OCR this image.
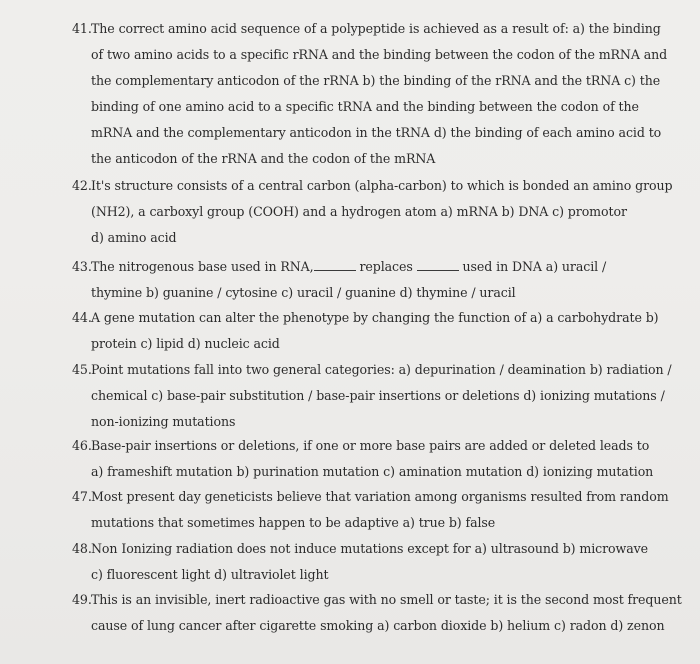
41.The correct amino acid sequence of a polypeptide is achieved as a result of: a) the binding
of two amino acids to a specific rRNA and the binding between the codon of the mRNA and
the complementary anticodon of the rRNA b) the binding of the rRNA and the tRNA c) the
binding of one amino acid to a specific tRNA and the binding between the codon of the
mRNA and the complementary anticodon in the tRNA d) the binding of each amino acid to
the anticodon of the rRNA and the codon of the mRNA
42.It's structure consists of a central carbon (alpha-carbon) to which is bonded an amino group
(NH2), a carboxyl group (COOH) and a hydrogen atom a) mRNA b) DNA c) promotor
d) amino acid
43.The nitrogenous base used in RNA,	replaces	used in DNA a) uracil /
thymine b) guanine / cytosine c) uracil / guanine d) thymine / uracil
44.A gene mutation can alter the phenotype by changing the function of a) a carbohydrate b)
protein c) lipid d) nucleic acid
45.Point mutations fall into two general categories: a) depurination / deamination b) radiation /
chemical c) base-pair substitution / base-pair insertions or deletions d) ionizing mutations /
non-ionizing mutations
46.Base-pair insertions or deletions, if one or more base pairs are added or deleted leads to
a) frameshift mutation b) purination mutation c) amination mutation d) ionizing mutation
47.Most present day geneticists believe that variation among organisms resulted from random
mutations that sometimes happen to be adaptive a) true b) false
48.Non Ionizing radiation does not induce mutations except for a) ultrasound b) microwave
c) fluorescent light d) ultraviolet light
49.This is an invisible, inert radioactive gas with no smell or taste; it is the second most frequent
cause of lung cancer after cigarette smoking a) carbon dioxide b) helium c) radon d) zenon
